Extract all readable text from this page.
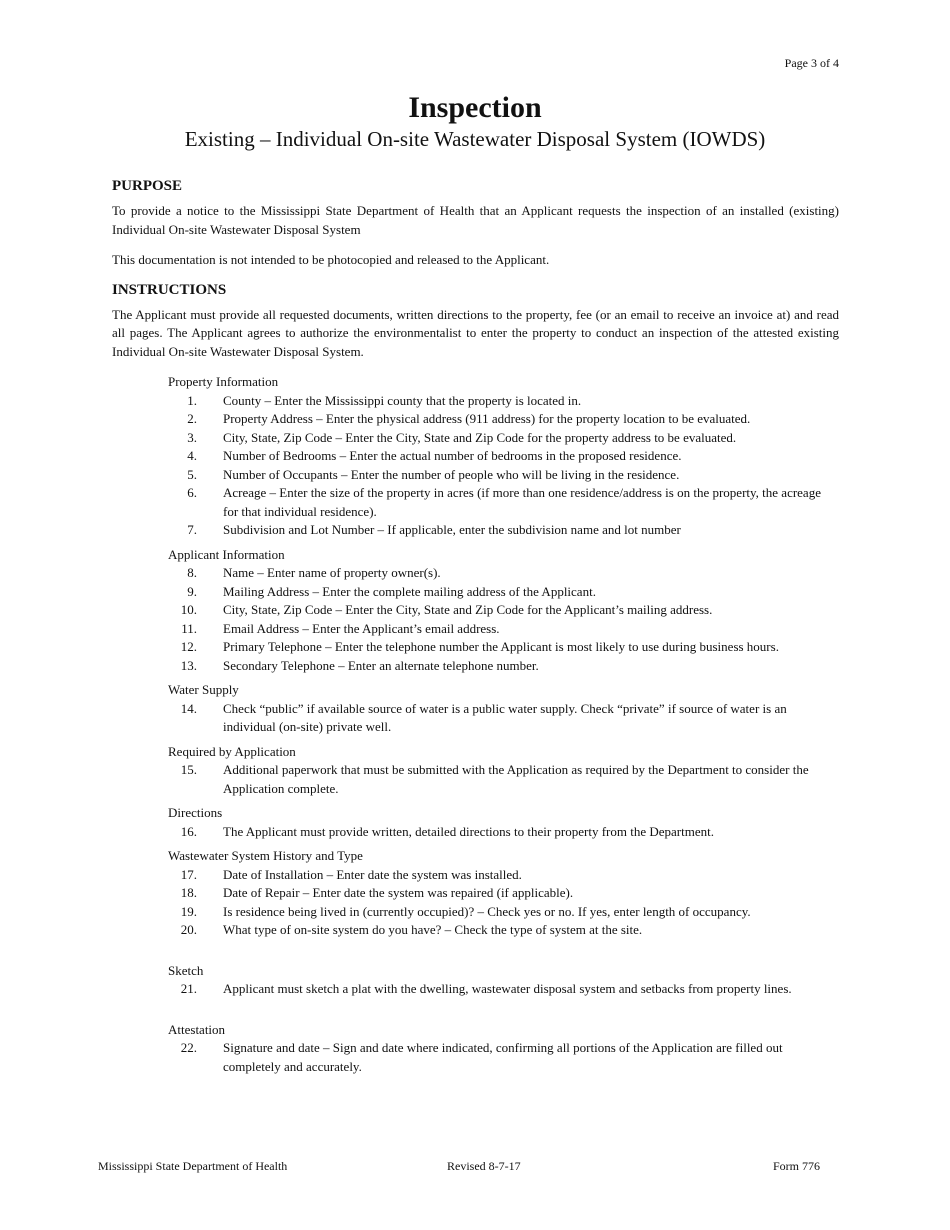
Page 3 of 4
Inspection
Existing – Individual On-site Wastewater Disposal System (IOWDS)
PURPOSE

To provide a notice to the Mississippi State Department of Health that an Applicant requests the inspection of an installed (existing) Individual On-site Wastewater Disposal System

This documentation is not intended to be photocopied and released to the Applicant.

INSTRUCTIONS

The Applicant must provide all requested documents, written directions to the property, fee (or an email to receive an invoice at) and read all pages. The Applicant agrees to authorize the environmentalist to enter the property to conduct an inspection of the attested existing Individual On-site Wastewater Disposal System.

Property Information
1.	County – Enter the Mississippi county that the property is located in.
2.	Property Address – Enter the physical address (911 address) for the property location to be evaluated.
3.	City, State, Zip Code – Enter the City, State and Zip Code for the property address to be evaluated.
4.	Number of Bedrooms – Enter the actual number of bedrooms in the proposed residence.
5.	Number of Occupants – Enter the number of people who will be living in the residence.
6.	Acreage – Enter the size of the property in acres (if more than one residence/address is on the property, the acreage for that individual residence).
7.	Subdivision and Lot Number – If applicable, enter the subdivision name and lot number
Applicant Information
8.	Name – Enter name of property owner(s).
9.	Mailing Address – Enter the complete mailing address of the Applicant.
10.	City, State, Zip Code – Enter the City, State and Zip Code for the Applicant’s mailing address.
11.	Email Address – Enter the Applicant’s email address.
12.	Primary Telephone – Enter the telephone number the Applicant is most likely to use during business hours.
13.	Secondary Telephone – Enter an alternate telephone number.
Water Supply
14.	Check “public” if available source of water is a public water supply. Check “private” if source of water is an individual (on-site) private well.
Required by Application
15.	Additional paperwork that must be submitted with the Application as required by the Department to consider the Application complete.
Directions
16.	The Applicant must provide written, detailed directions to their property from the Department.
Wastewater System History and Type
17.	Date of Installation – Enter date the system was installed.
18.	Date of Repair – Enter date the system was repaired (if applicable).
19.	Is residence being lived in (currently occupied)? – Check yes or no. If yes, enter length of occupancy.
20.	What type of on-site system do you have? – Check the type of system at the site.
Sketch
21.	Applicant must sketch a plat with the dwelling, wastewater disposal system and setbacks from property lines.
Attestation
22.	Signature and date – Sign and date where indicated, confirming all portions of the Application are filled out completely and accurately.
Mississippi State Department of Health	Revised 8-7-17	Form 776
